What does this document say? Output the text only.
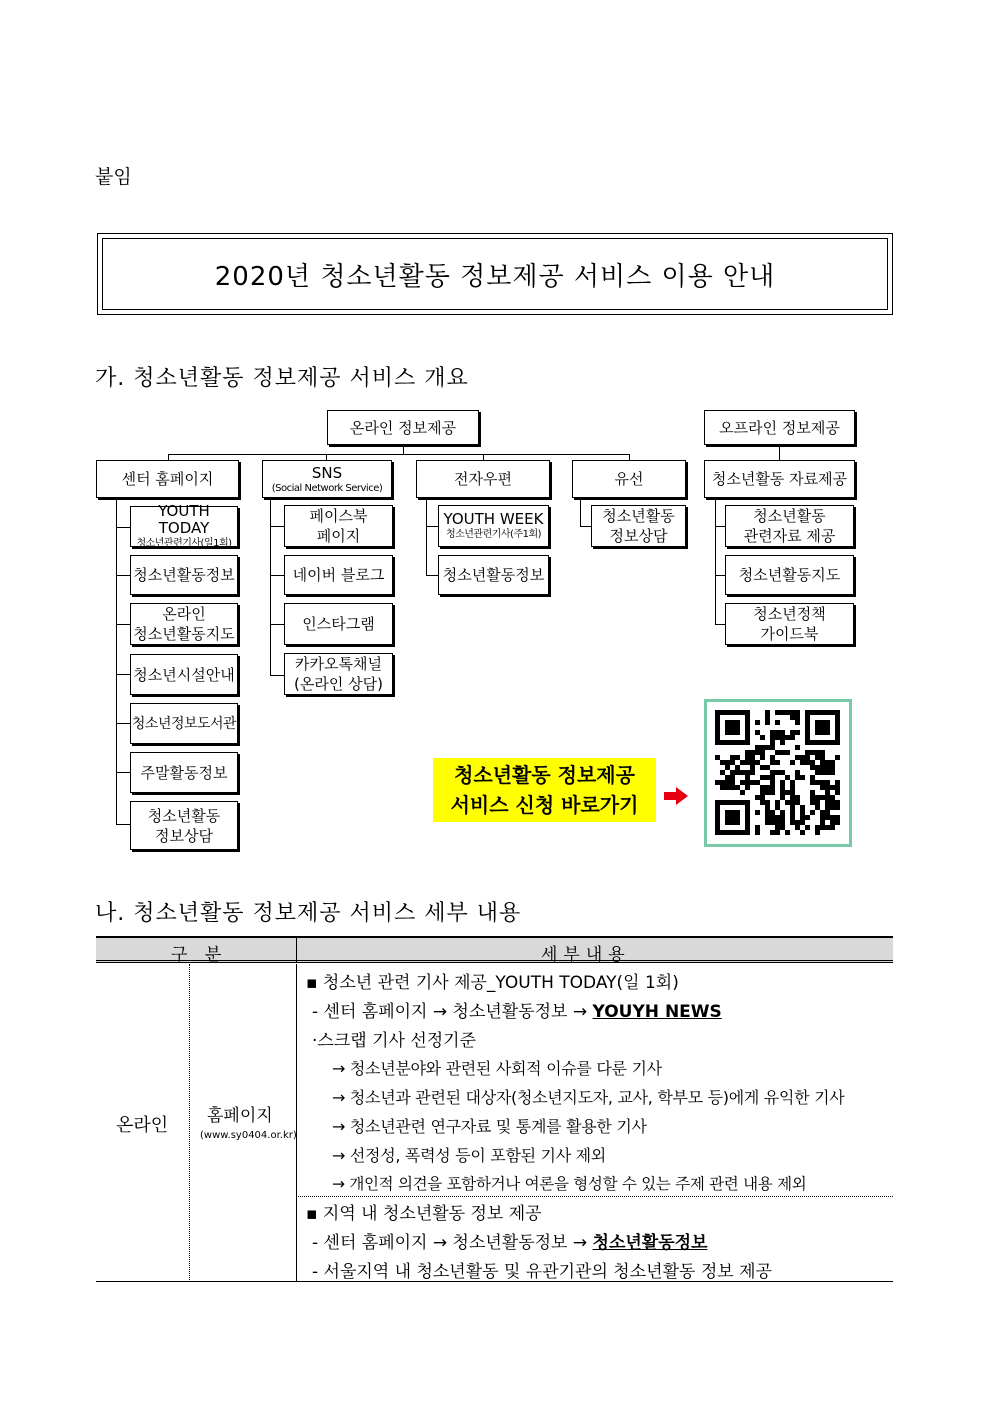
붙임
2020년 청소년활동 정보제공 서비스 이용 안내
가. 청소년활동 정보제공 서비스 개요
온라인 정보제공	오프라인 정보제공
센터 홈페이지	SNS
(Social Network Service)	전자우편	유선	청소년활동 자료제공
YOUTH TODAY
청소년관련기사(일1회)
청소년활동정보
온라인
청소년활동지도
청소년시설안내
청소년정보도서관
주말활동정보
청소년활동
정보상담
페이스북
페이지
네이버 블로그
인스타그램
카카오톡채널
(온라인 상담)
YOUTH WEEK
청소년관련기사(주1회)
청소년활동정보
청소년활동
정보상담
청소년활동
관련자료 제공
청소년활동지도
청소년정책
가이드북
청소년활동 정보제공
서비스 신청 바로가기
나. 청소년활동 정보제공 서비스 세부 내용
구 분	세부내용
온라인 홈페이지
(www.sy0404.or.kr)
▪ 청소년 관련 기사 제공_YOUTH TODAY(일 1회)
- 센터 홈페이지 → 청소년활동정보 → YOUYH NEWS
·스크랩 기사 선정기준
→ 청소년분야와 관련된 사회적 이슈를 다룬 기사
→ 청소년과 관련된 대상자(청소년지도자, 교사, 학부모 등)에게 유익한 기사
→ 청소년관련 연구자료 및 통계를 활용한 기사
→ 선정성, 폭력성 등이 포함된 기사 제외
→ 개인적 의견을 포함하거나 여론을 형성할 수 있는 주제 관련 내용 제외
▪ 지역 내 청소년활동 정보 제공
- 센터 홈페이지 → 청소년활동정보 → 청소년활동정보
- 서울지역 내 청소년활동 및 유관기관의 청소년활동 정보 제공
